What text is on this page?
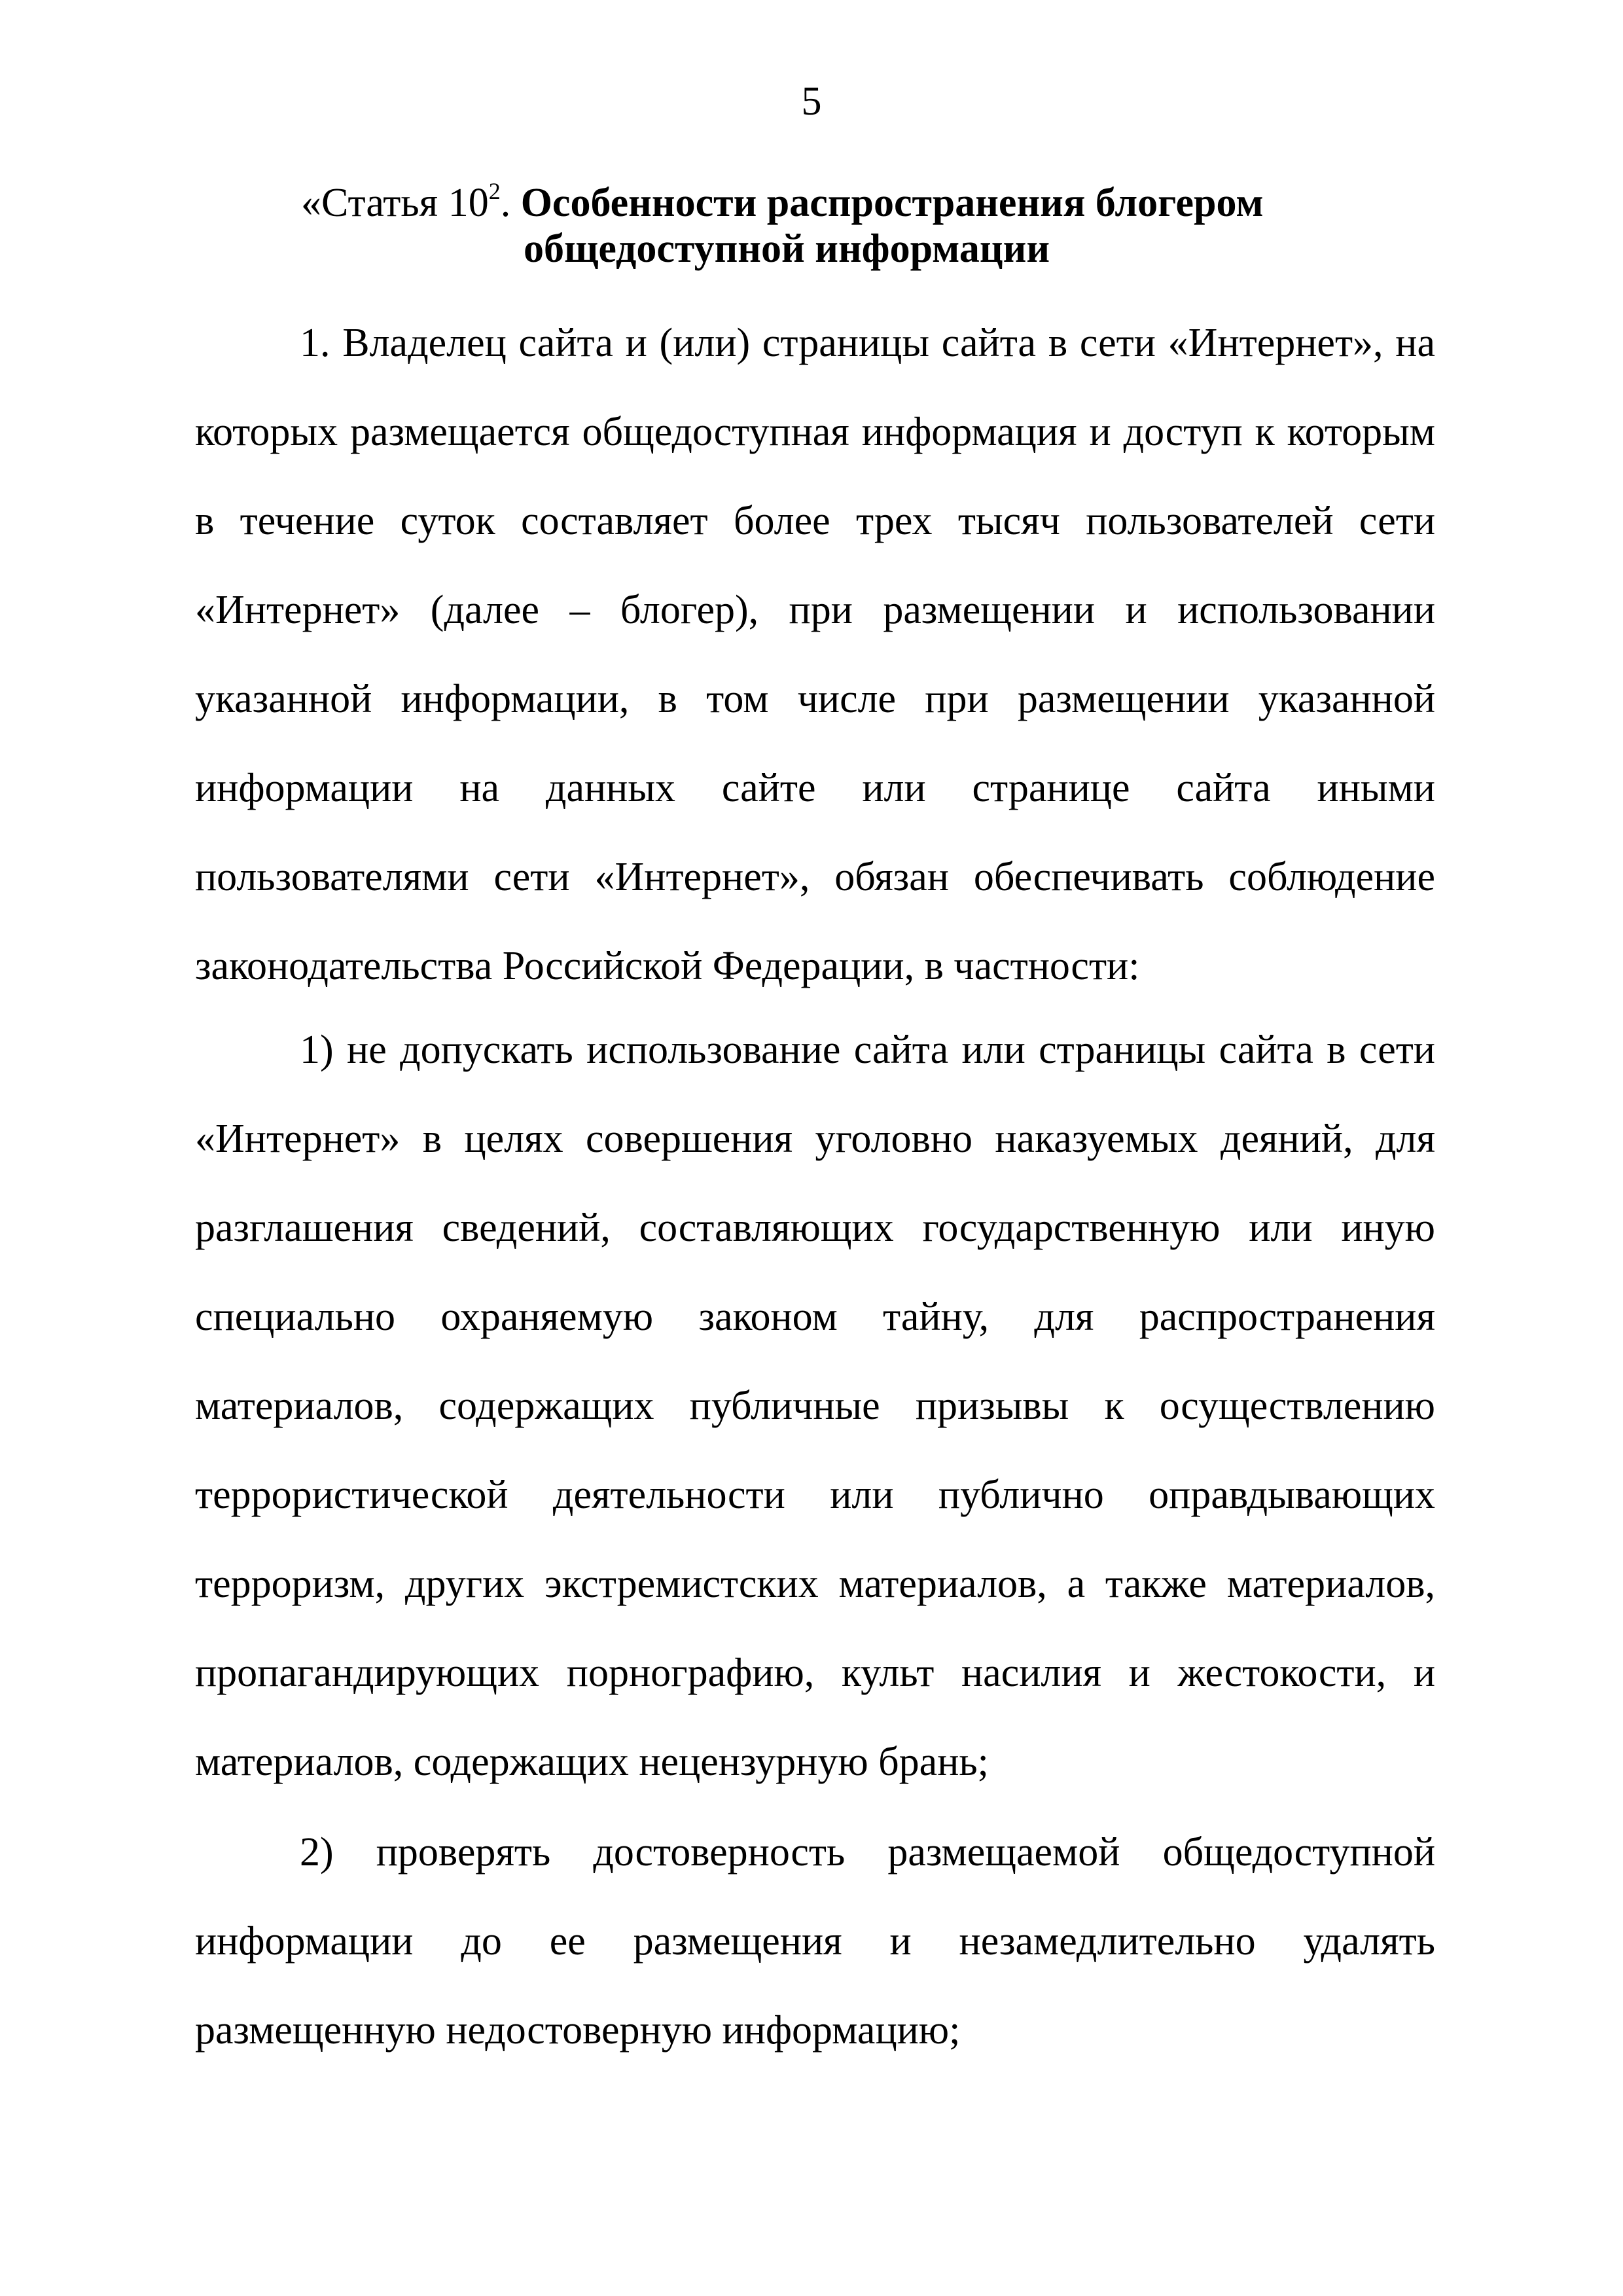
5
«Статья $10^2$. Особенности распространения блогером
общедоступной информации

1. Владелец сайта и (или) страницы сайта в сети «Интернет», на которых размещается общедоступная информация и доступ к которым в течение суток составляет более трех тысяч пользователей сети «Интернет» (далее – блогер), при размещении и использовании указанной информации, в том числе при размещении указанной информации на данных сайте или странице сайта иными пользователями сети «Интернет», обязан обеспечивать соблюдение законодательства Российской Федерации, в частности:

1) не допускать использование сайта или страницы сайта в сети «Интернет» в целях совершения уголовно наказуемых деяний, для разглашения сведений, составляющих государственную или иную специально охраняемую законом тайну, для распространения материалов, содержащих публичные призывы к осуществлению террористической деятельности или публично оправдывающих терроризм, других экстремистских материалов, а также материалов, пропагандирующих порнографию, культ насилия и жестокости, и материалов, содержащих нецензурную брань;

2) проверять достоверность размещаемой общедоступной информации до ее размещения и незамедлительно удалять размещенную недостоверную информацию;
